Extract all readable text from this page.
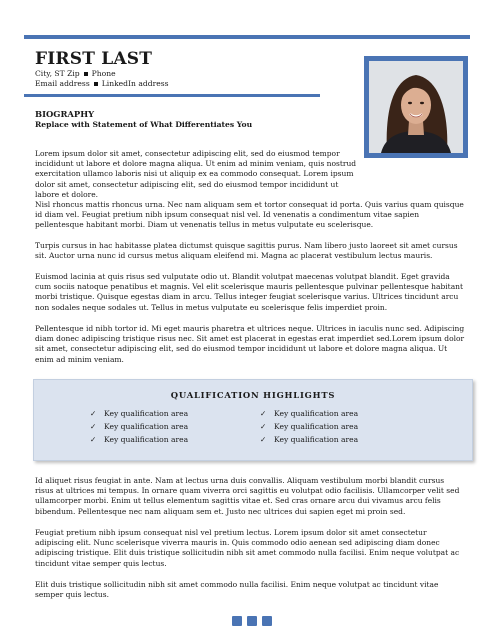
FIRST LAST
City, ST Zip Phone
Email address LinkedIn address
BIOGRAPHY
Replace with Statement of What Differentiates You

Lorem ipsum dolor sit amet, consectetur adipiscing elit, sed do eiusmod tempor incididunt ut labore et dolore magna aliqua. Ut enim ad minim veniam, quis nostrud exercitation ullamco laboris nisi ut aliquip ex ea commodo consequat. Lorem ipsum dolor sit amet, consectetur adipiscing elit, sed do eiusmod tempor incididunt ut labore et dolore.

Nisl rhoncus mattis rhoncus urna. Nec nam aliquam sem et tortor consequat id porta. Quis varius quam quisque id diam vel. Feugiat pretium nibh ipsum consequat nisl vel. Id venenatis a condimentum vitae sapien pellentesque habitant morbi. Diam ut venenatis tellus in metus vulputate eu scelerisque.

Turpis cursus in hac habitasse platea dictumst quisque sagittis purus. Nam libero justo laoreet sit amet cursus sit. Auctor urna nunc id cursus metus aliquam eleifend mi. Magna ac placerat vestibulum lectus mauris.

Euismod lacinia at quis risus sed vulputate odio ut. Blandit volutpat maecenas volutpat blandit. Eget gravida cum sociis natoque penatibus et magnis. Vel elit scelerisque mauris pellentesque pulvinar pellentesque habitant morbi tristique. Quisque egestas diam in arcu. Tellus integer feugiat scelerisque varius. Ultrices tincidunt arcu non sodales neque sodales ut. Tellus in metus vulputate eu scelerisque felis imperdiet proin.

Pellentesque id nibh tortor id. Mi eget mauris pharetra et ultrices neque. Ultrices in iaculis nunc sed. Adipiscing diam donec adipiscing tristique risus nec. Sit amet est placerat in egestas erat imperdiet sed.Lorem ipsum dolor sit amet, consectetur adipiscing elit, sed do eiusmod tempor incididunt ut labore et dolore magna aliqua. Ut enim ad minim veniam.

QUALIFICATION HIGHLIGHTS
✓ Key qualification area
✓ Key qualification area
✓ Key qualification area
✓ Key qualification area
✓ Key qualification area
✓ Key qualification area

Id aliquet risus feugiat in ante. Nam at lectus urna duis convallis. Aliquam vestibulum morbi blandit cursus risus at ultrices mi tempus. In ornare quam viverra orci sagittis eu volutpat odio facilisis. Ullamcorper velit sed ullamcorper morbi. Enim ut tellus elementum sagittis vitae et. Sed cras ornare arcu dui vivamus arcu felis bibendum. Pellentesque nec nam aliquam sem et. Justo nec ultrices dui sapien eget mi proin sed.

Feugiat pretium nibh ipsum consequat nisl vel pretium lectus. Lorem ipsum dolor sit amet consectetur adipiscing elit. Nunc scelerisque viverra mauris in. Quis commodo odio aenean sed adipiscing diam donec adipiscing tristique. Elit duis tristique sollicitudin nibh sit amet commodo nulla facilisi. Enim neque volutpat ac tincidunt vitae semper quis lectus.

Elit duis tristique sollicitudin nibh sit amet commodo nulla facilisi. Enim neque volutpat ac tincidunt vitae semper quis lectus.
